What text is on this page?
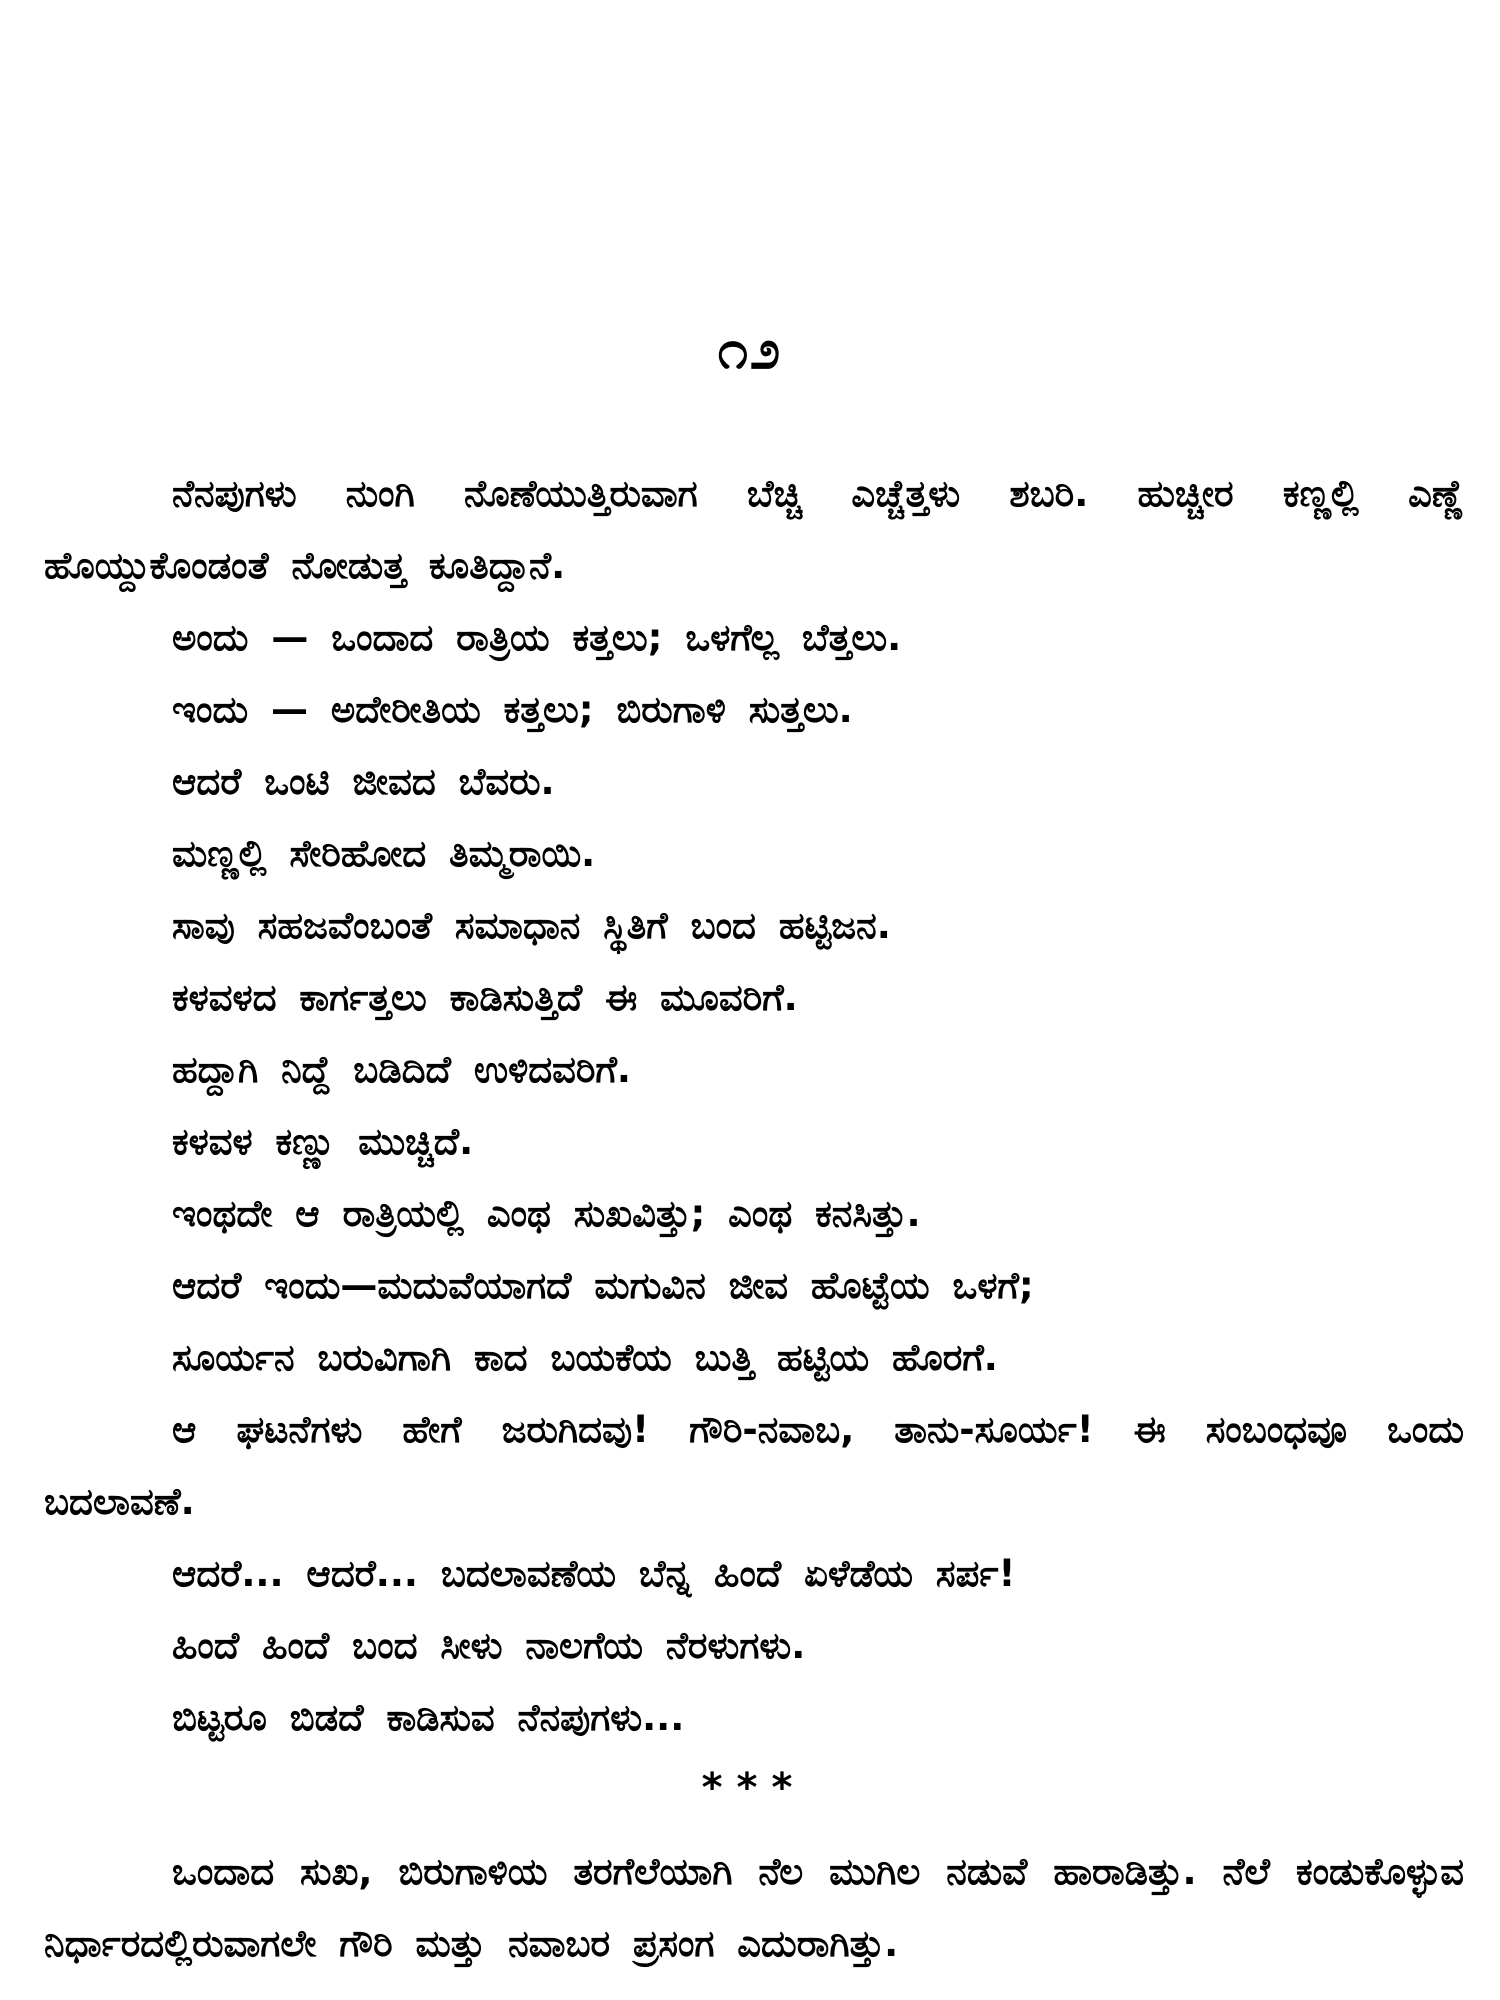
೧೨

ನೆನಪುಗಳು ನುಂಗಿ ನೊಣೆಯುತ್ತಿರುವಾಗ ಬೆಚ್ಚಿ ಎಚ್ಚೆತ್ತಳು ಶಬರಿ. ಹುಚ್ಚೀರ ಕಣ್ಣಲ್ಲಿ ಎಣ್ಣೆ ಹೊಯ್ದುಕೊಂಡಂತೆ ನೋಡುತ್ತ ಕೂತಿದ್ದಾನೆ.

ಅಂದು — ಒಂದಾದ ರಾತ್ರಿಯ ಕತ್ತಲು; ಒಳಗೆಲ್ಲ ಬೆತ್ತಲು.

ಇಂದು — ಅದೇರೀತಿಯ ಕತ್ತಲು; ಬಿರುಗಾಳಿ ಸುತ್ತಲು.

ಆದರೆ ಒಂಟಿ ಜೀವದ ಬೆವರು.

ಮಣ್ಣಲ್ಲಿ ಸೇರಿಹೋದ ತಿಮ್ಮರಾಯಿ.

ಸಾವು ಸಹಜವೆಂಬಂತೆ ಸಮಾಧಾನ ಸ್ಥಿತಿಗೆ ಬಂದ ಹಟ್ಟಿಜನ.

ಕಳವಳದ ಕಾರ್ಗತ್ತಲು ಕಾಡಿಸುತ್ತಿದೆ ಈ ಮೂವರಿಗೆ.

ಹದ್ದಾಗಿ ನಿದ್ದೆ ಬಡಿದಿದೆ ಉಳಿದವರಿಗೆ.

ಕಳವಳ ಕಣ್ಣು ಮುಚ್ಚಿದೆ.

ಇಂಥದೇ ಆ ರಾತ್ರಿಯಲ್ಲಿ ಎಂಥ ಸುಖವಿತ್ತು; ಎಂಥ ಕನಸಿತ್ತು.

ಆದರೆ ಇಂದು—ಮದುವೆಯಾಗದೆ ಮಗುವಿನ ಜೀವ ಹೊಟ್ಟೆಯ ಒಳಗೆ;

ಸೂರ್ಯನ ಬರುವಿಗಾಗಿ ಕಾದ ಬಯಕೆಯ ಬುತ್ತಿ ಹಟ್ಟಿಯ ಹೊರಗೆ.

ಆ ಘಟನೆಗಳು ಹೇಗೆ ಜರುಗಿದವು! ಗೌರಿ-ನವಾಬ, ತಾನು-ಸೂರ್ಯ! ಈ ಸಂಬಂಧವೂ ಒಂದು ಬದಲಾವಣೆ.

ಆದರೆ... ಆದರೆ... ಬದಲಾವಣೆಯ ಬೆನ್ನ ಹಿಂದೆ ಏಳೆಡೆಯ ಸರ್ಪ!

ಹಿಂದೆ ಹಿಂದೆ ಬಂದ ಸೀಳು ನಾಲಗೆಯ ನೆರಳುಗಳು.

ಬಿಟ್ಟರೂ ಬಿಡದೆ ಕಾಡಿಸುವ ನೆನಪುಗಳು...

***

ಒಂದಾದ ಸುಖ, ಬಿರುಗಾಳಿಯ ತರಗೆಲೆಯಾಗಿ ನೆಲ ಮುಗಿಲ ನಡುವೆ ಹಾರಾಡಿತ್ತು. ನೆಲೆ ಕಂಡುಕೊಳ್ಳುವ ನಿರ್ಧಾರದಲ್ಲಿರುವಾಗಲೇ ಗೌರಿ ಮತ್ತು ನವಾಬರ ಪ್ರಸಂಗ ಎದುರಾಗಿತ್ತು.
